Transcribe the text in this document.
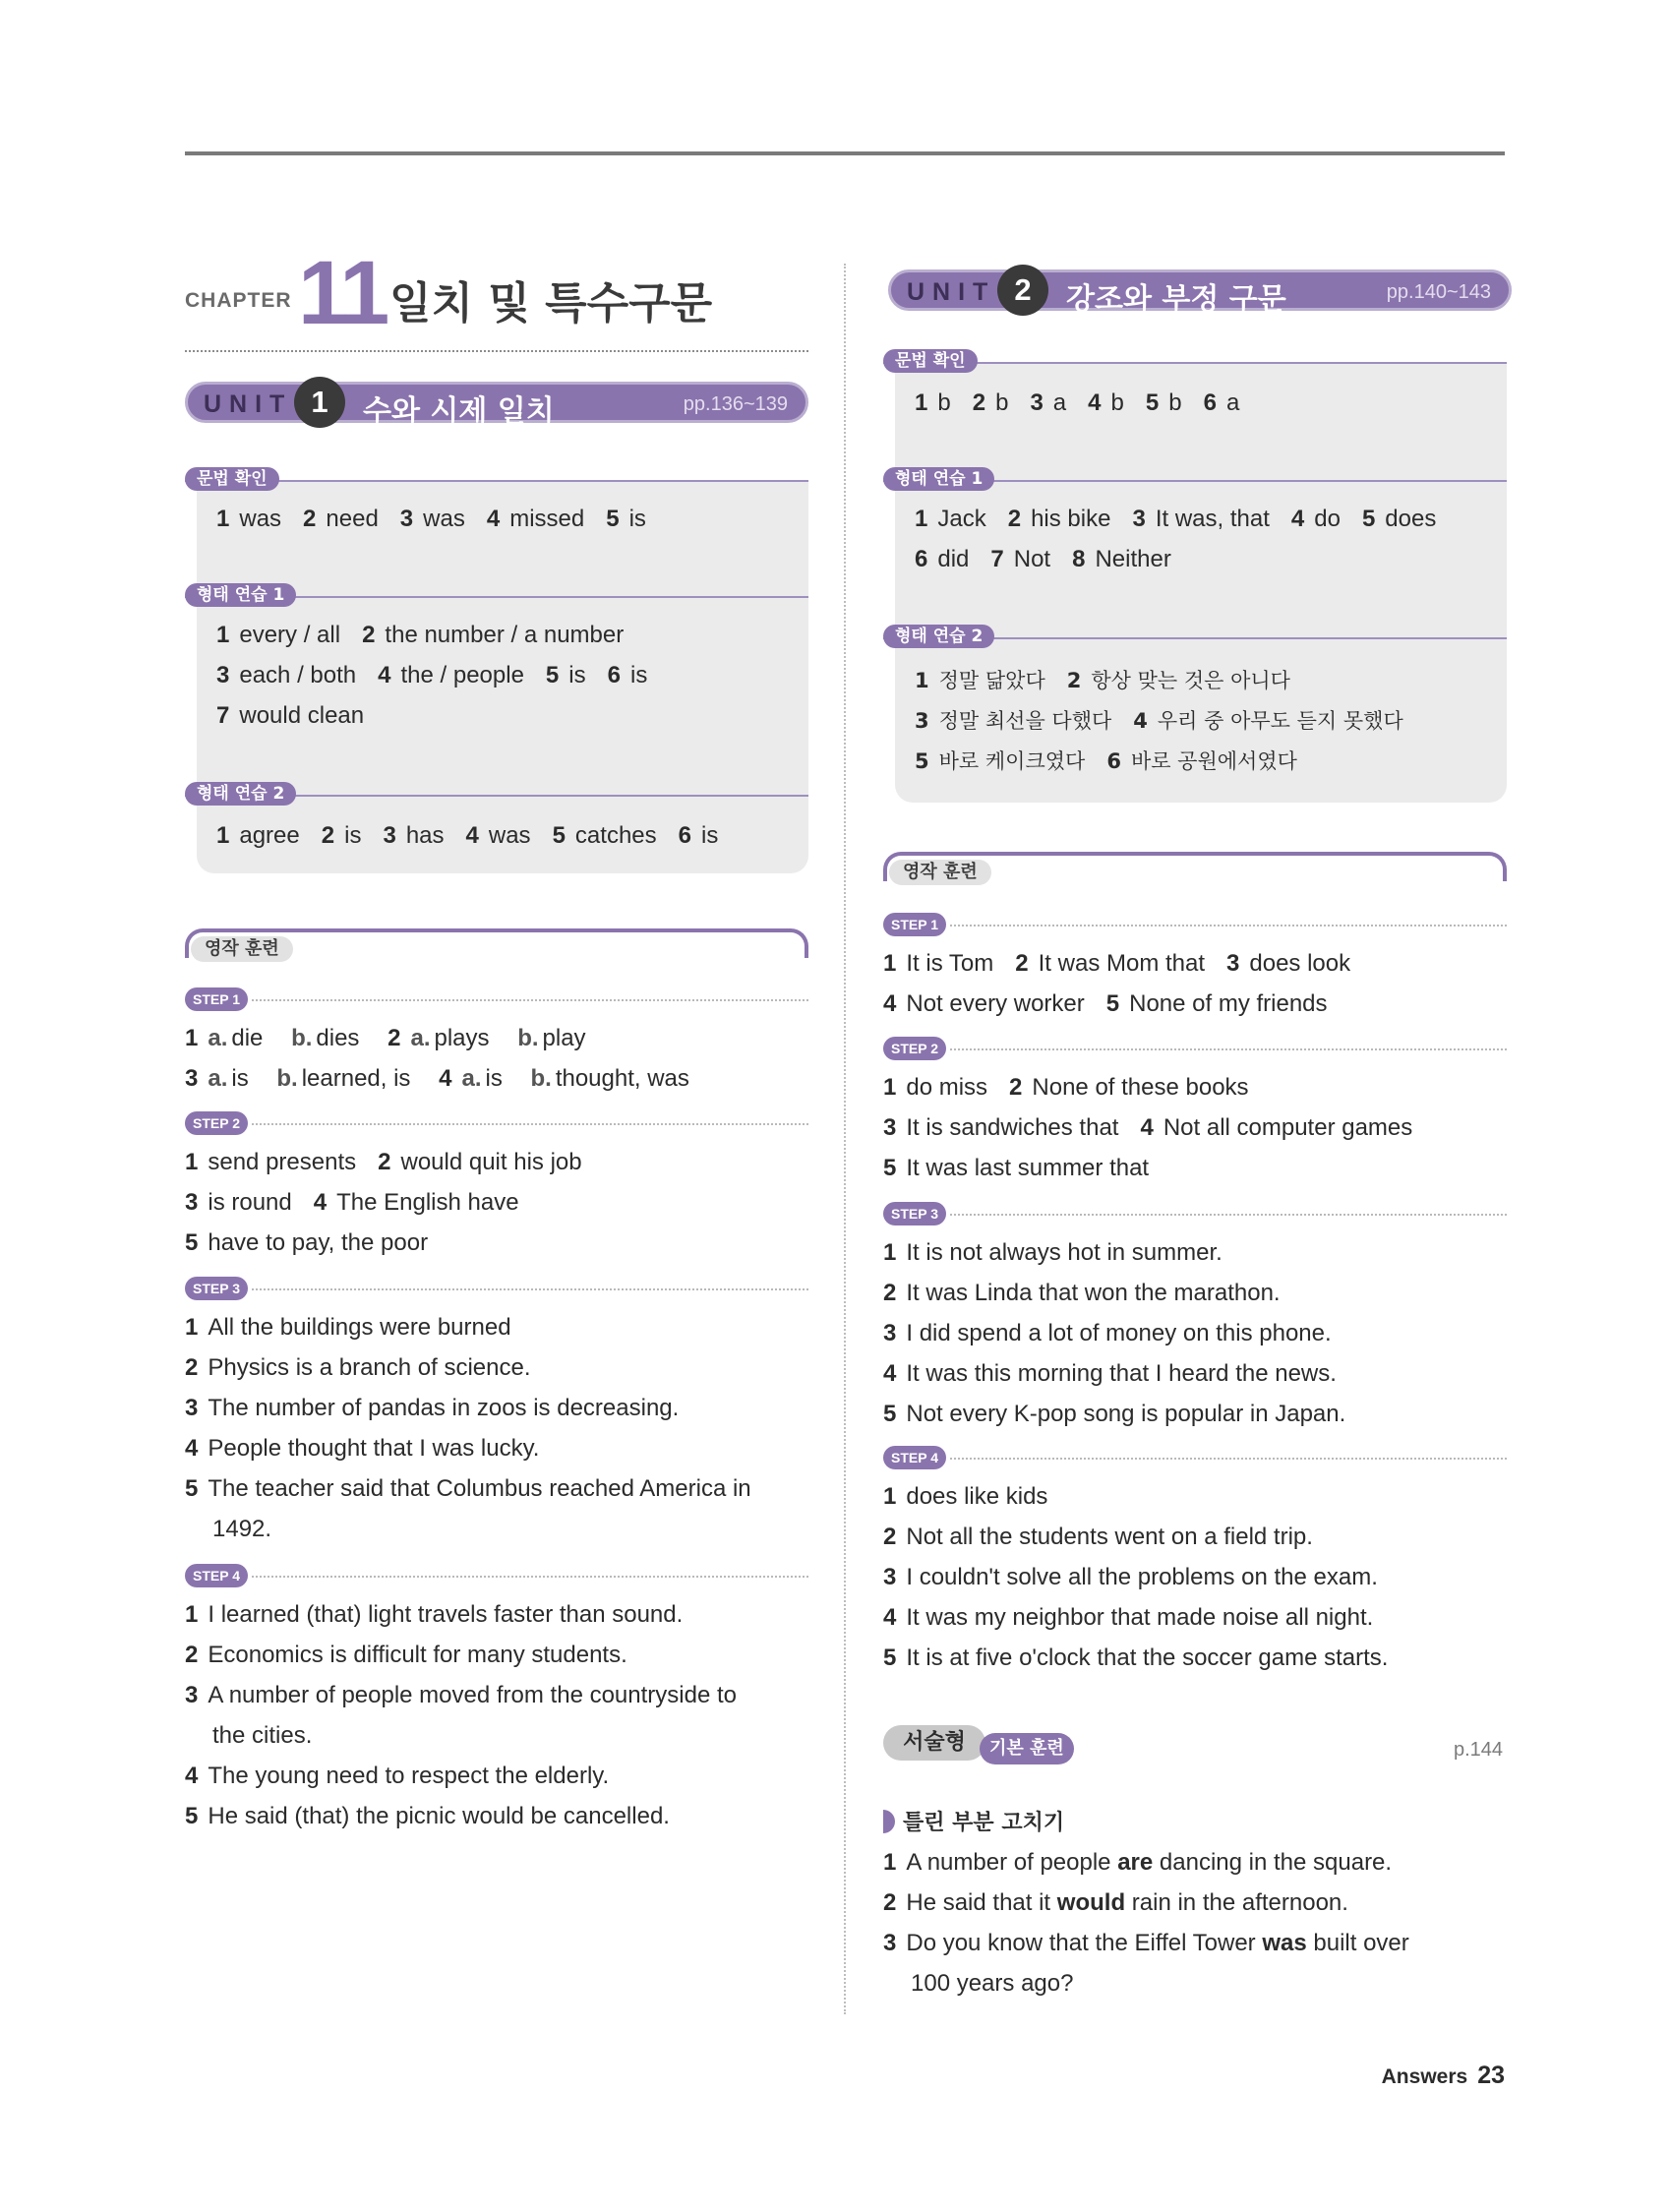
CHAPTER 11 일치 및 특수구문
UNIT 1	수와 시제 일치	pp.136~139
문법 확인
1 was 2 need 3 was 4 missed 5 is
형태 연습 1
1 every / all 2 the number / a number
3 each / both 4 the / people 5 is 6 is
7 would clean
형태 연습 2
1 agree 2 is 3 has 4 was 5 catches 6 is
영작 훈련
STEP 1
1 a. die b. dies 2 a. plays b. play
3 a. is b. learned, is 4 a. is b. thought, was
STEP 2
1 send presents 2 would quit his job
3 is round 4 The English have
5 have to pay, the poor
STEP 3
1 All the buildings were burned
2 Physics is a branch of science.
3 The number of pandas in zoos is decreasing.
4 People thought that I was lucky.
5 The teacher said that Columbus reached America in
1492.
STEP 4
1 I learned (that) light travels faster than sound.
2 Economics is difficult for many students.
3 A number of people moved from the countryside to
the cities.
4 The young need to respect the elderly.
5 He said (that) the picnic would be cancelled.
UNIT 2	강조와 부정 구문	pp.140~143
문법 확인
1 b 2 b 3 a 4 b 5 b 6 a
형태 연습 1
1 Jack 2 his bike 3 It was, that 4 do 5 does
6 did 7 Not 8 Neither
형태 연습 2
1 정말 닮았다 2 항상 맞는 것은 아니다
3 정말 최선을 다했다 4 우리 중 아무도 듣지 못했다
5 바로 케이크였다 6 바로 공원에서였다
영작 훈련
STEP 1
1 It is Tom 2 It was Mom that 3 does look
4 Not every worker 5 None of my friends
STEP 2
1 do miss 2 None of these books
3 It is sandwiches that 4 Not all computer games
5 It was last summer that
STEP 3
1 It is not always hot in summer.
2 It was Linda that won the marathon.
3 I did spend a lot of money on this phone.
4 It was this morning that I heard the news.
5 Not every K-pop song is popular in Japan.
STEP 4
1 does like kids
2 Not all the students went on a field trip.
3 I couldn't solve all the problems on the exam.
4 It was my neighbor that made noise all night.
5 It is at five o'clock that the soccer game starts.
서술형	기본 훈련	p.144
틀린 부분 고치기
1 A number of people are dancing in the square.
2 He said that it would rain in the afternoon.
3 Do you know that the Eiffel Tower was built over
100 years ago?
Answers 23
